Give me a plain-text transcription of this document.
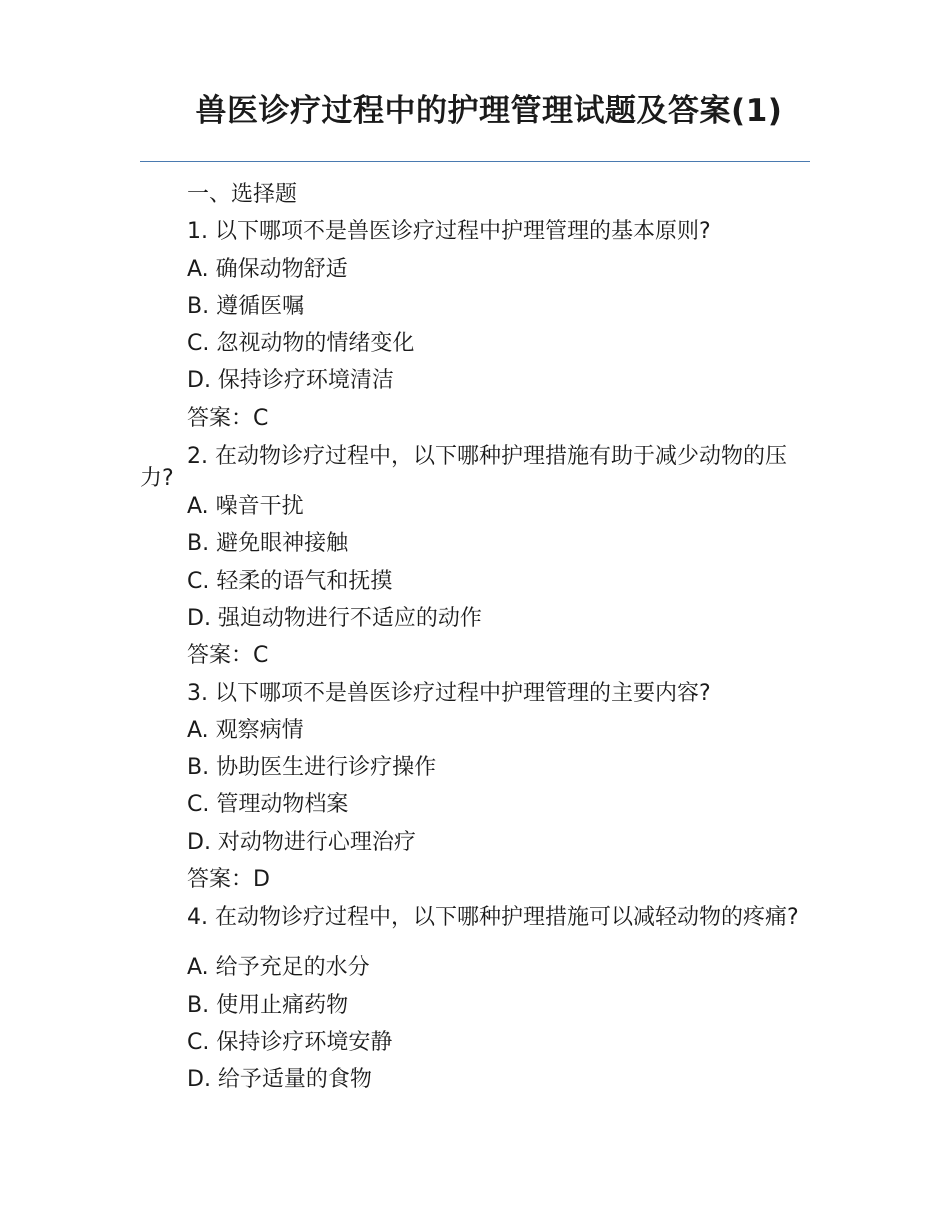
兽医诊疗过程中的护理管理试题及答案(1)
一、选择题
1. 以下哪项不是兽医诊疗过程中护理管理的基本原则?
A. 确保动物舒适
B. 遵循医嘱
C. 忽视动物的情绪变化
D. 保持诊疗环境清洁
答案：C
2. 在动物诊疗过程中，以下哪种护理措施有助于减少动物的压力?
A. 噪音干扰
B. 避免眼神接触
C. 轻柔的语气和抚摸
D. 强迫动物进行不适应的动作
答案：C
3. 以下哪项不是兽医诊疗过程中护理管理的主要内容?
A. 观察病情
B. 协助医生进行诊疗操作
C. 管理动物档案
D. 对动物进行心理治疗
答案：D
4. 在动物诊疗过程中，以下哪种护理措施可以减轻动物的疼痛?
A. 给予充足的水分
B. 使用止痛药物
C. 保持诊疗环境安静
D. 给予适量的食物
